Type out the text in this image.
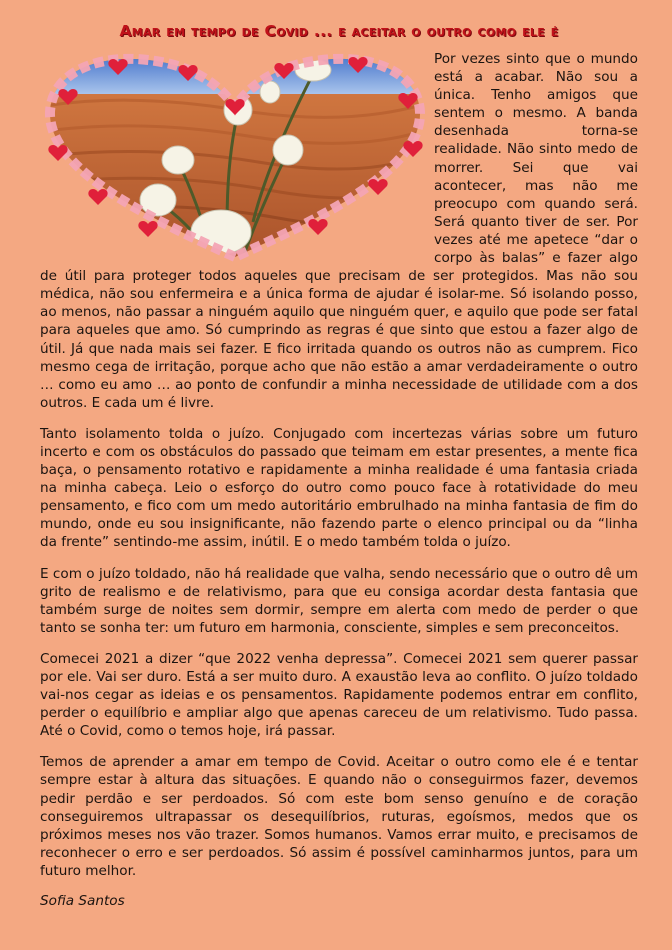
Amar em tempo de Covid ... e aceitar o outro como ele é

Por vezes sinto que o mundo está a acabar. Não sou a única. Tenho amigos que sentem o mesmo. A banda desenhada torna-se realidade. Não sinto medo de morrer. Sei que vai acontecer, mas não me preocupo com quando será. Será quanto tiver de ser. Por vezes até me apetece “dar o corpo às balas” e fazer algo de útil para proteger todos aqueles que precisam de ser protegidos. Mas não sou médica, não sou enfermeira e a única forma de ajudar é isolar-me. Só isolando posso, ao menos, não passar a ninguém aquilo que ninguém quer, e aquilo que pode ser fatal para aqueles que amo. Só cumprindo as regras é que sinto que estou a fazer algo de útil. Já que nada mais sei fazer. E fico irritada quando os outros não as cumprem. Fico mesmo cega de irritação, porque acho que não estão a amar verdadeiramente o outro … como eu amo … ao ponto de confundir a minha necessidade de utilidade com a dos outros. E cada um é livre.

Tanto isolamento tolda o juízo. Conjugado com incertezas várias sobre um futuro incerto e com os obstáculos do passado que teimam em estar presentes, a mente fica baça, o pensamento rotativo e rapidamente a minha realidade é uma fantasia criada na minha cabeça. Leio o esforço do outro como pouco face à rotatividade do meu pensamento, e fico com um medo autoritário embrulhado na minha fantasia de fim do mundo, onde eu sou insignificante, não fazendo parte o elenco principal ou da “linha da frente” sentindo-me assim, inútil. E o medo também tolda o juízo.

E com o juízo toldado, não há realidade que valha, sendo necessário que o outro dê um grito de realismo e de relativismo, para que eu consiga acordar desta fantasia que também surge de noites sem dormir, sempre em alerta com medo de perder o que tanto se sonha ter: um futuro em harmonia, consciente, simples e sem preconceitos.

Comecei 2021 a dizer “que 2022 venha depressa”. Comecei 2021 sem querer passar por ele. Vai ser duro. Está a ser muito duro. A exaustão leva ao conflito. O juízo toldado vai-nos cegar as ideias e os pensamentos. Rapidamente podemos entrar em conflito, perder o equilíbrio e ampliar algo que apenas careceu de um relativismo. Tudo passa. Até o Covid, como o temos hoje, irá passar.

Temos de aprender a amar em tempo de Covid. Aceitar o outro como ele é e tentar sempre estar à altura das situações. E quando não o conseguirmos fazer, devemos pedir perdão e ser perdoados. Só com este bom senso genuíno e de coração conseguiremos ultrapassar os desequilíbrios, ruturas, egoísmos, medos que os próximos meses nos vão trazer. Somos humanos. Vamos errar muito, e precisamos de reconhecer o erro e ser perdoados. Só assim é possível caminharmos juntos, para um futuro melhor.

Sofia Santos
